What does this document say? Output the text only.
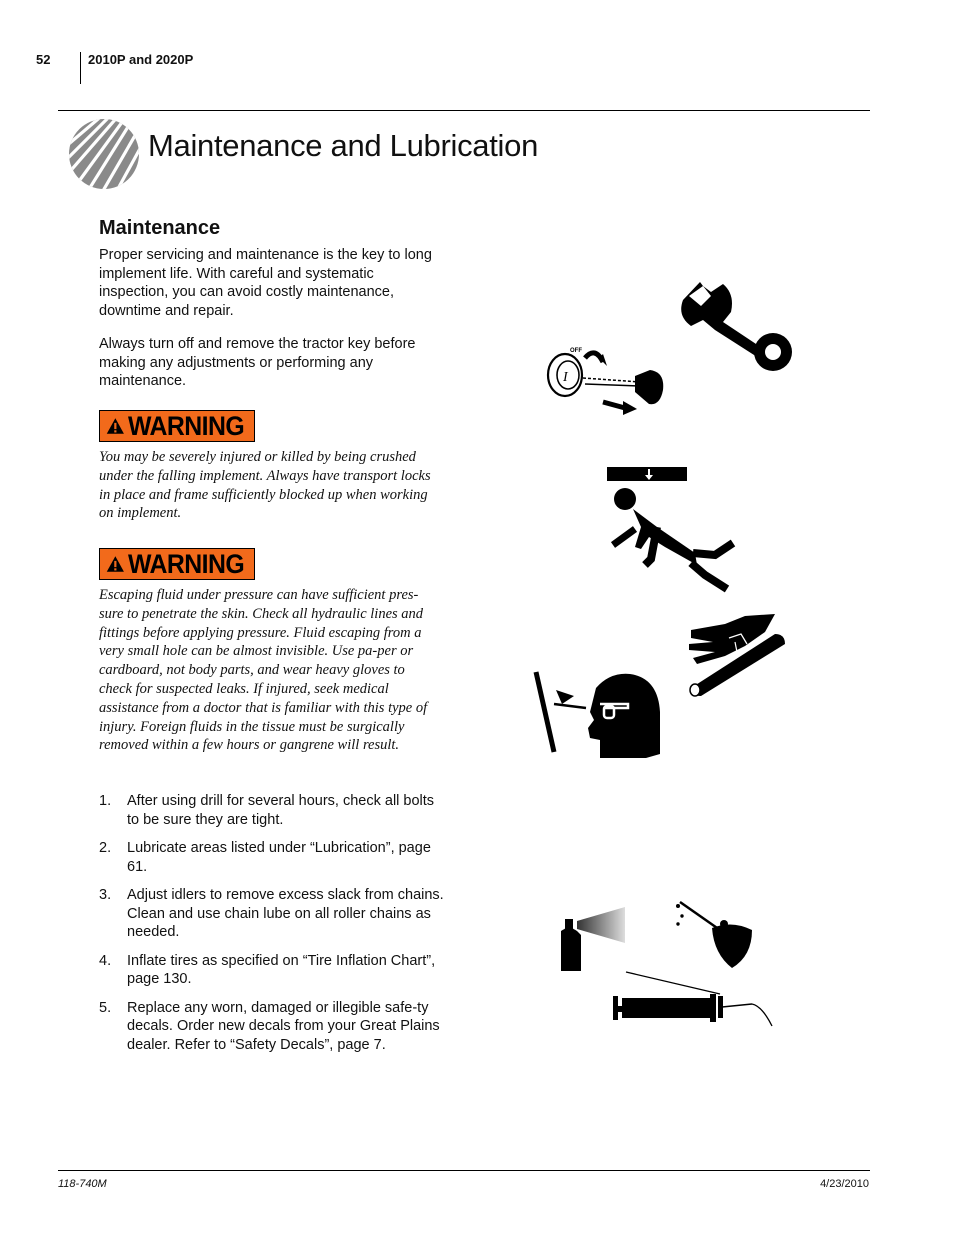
52	2010P and 2020P
Maintenance and Lubrication
Maintenance
Proper servicing and maintenance is the key to long implement life. With careful and systematic inspection, you can avoid costly maintenance, downtime and repair.
Always turn off and remove the tractor key before making any adjustments or performing any maintenance.
WARNING
You may be severely injured or killed by being crushed under the falling implement. Always have transport locks in place and frame sufficiently blocked up when working on implement.
WARNING
Escaping fluid under pressure can have sufficient pres-sure to penetrate the skin. Check all hydraulic lines and fittings before applying pressure. Fluid escaping from a very small hole can be almost invisible. Use pa-per or cardboard, not body parts, and wear heavy gloves to check for suspected leaks. If injured, seek medical assistance from a doctor that is familiar with this type of injury. Foreign fluids in the tissue must be surgically removed within a few hours or gangrene will result.
1.	After using drill for several hours, check all bolts to be sure they are tight.
2.	Lubricate areas listed under “Lubrication”, page 61.
3.	Adjust idlers to remove excess slack from chains. Clean and use chain lube on all roller chains as needed.
4.	Inflate tires as specified on “Tire Inflation Chart”, page 130.
5.	Replace any worn, damaged or illegible safe-ty decals. Order new decals from your Great Plains dealer. Refer to “Safety Decals”, page 7.
I
OFF
118-740M	4/23/2010
